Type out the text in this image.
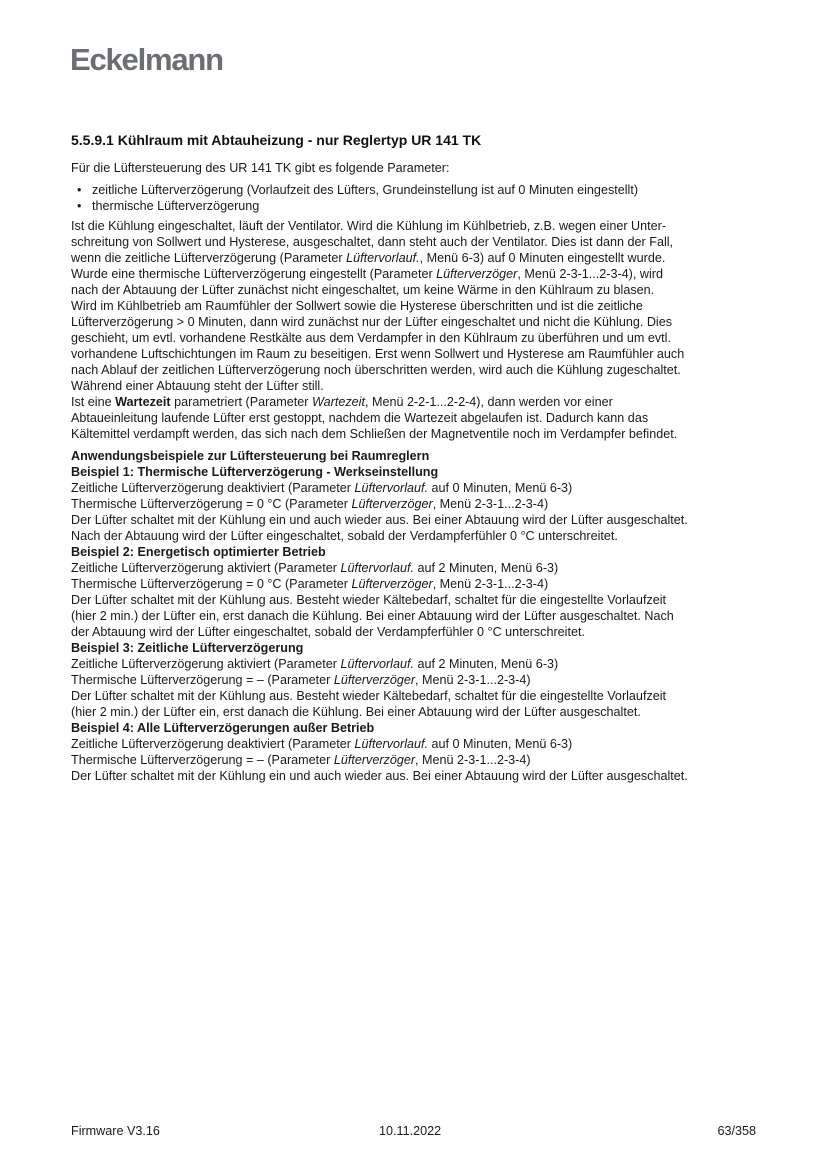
Eckelmann
5.5.9.1 Kühlraum mit Abtauheizung - nur Reglertyp UR 141 TK

Für die Lüftersteuerung des UR 141 TK gibt es folgende Parameter:

• zeitliche Lüfterverzögerung (Vorlaufzeit des Lüfters, Grundeinstellung ist auf 0 Minuten eingestellt)
• thermische Lüfterverzögerung
Ist die Kühlung eingeschaltet, läuft der Ventilator. Wird die Kühlung im Kühlbetrieb, z.B. wegen einer Unter-
schreitung von Sollwert und Hysterese, ausgeschaltet, dann steht auch der Ventilator. Dies ist dann der Fall,
wenn die zeitliche Lüfterverzögerung (Parameter Lüftervorlauf., Menü 6-3) auf 0 Minuten eingestellt wurde.
Wurde eine thermische Lüfterverzögerung eingestellt (Parameter Lüfterverzöger, Menü 2-3-1...2-3-4), wird
nach der Abtauung der Lüfter zunächst nicht eingeschaltet, um keine Wärme in den Kühlraum zu blasen.
Wird im Kühlbetrieb am Raumfühler der Sollwert sowie die Hysterese überschritten und ist die zeitliche
Lüfterverzögerung > 0 Minuten, dann wird zunächst nur der Lüfter eingeschaltet und nicht die Kühlung. Dies
geschieht, um evtl. vorhandene Restkälte aus dem Verdampfer in den Kühlraum zu überführen und um evtl.
vorhandene Luftschichtungen im Raum zu beseitigen. Erst wenn Sollwert und Hysterese am Raumfühler auch
nach Ablauf der zeitlichen Lüfterverzögerung noch überschritten werden, wird auch die Kühlung zugeschaltet.
Während einer Abtauung steht der Lüfter still.
Ist eine Wartezeit parametriert (Parameter Wartezeit, Menü 2-2-1...2-2-4), dann werden vor einer
Abtaueinleitung laufende Lüfter erst gestoppt, nachdem die Wartezeit abgelaufen ist. Dadurch kann das
Kältemittel verdampft werden, das sich nach dem Schließen der Magnetventile noch im Verdampfer befindet.
Anwendungsbeispiele zur Lüftersteuerung bei Raumreglern
Beispiel 1: Thermische Lüfterverzögerung - Werkseinstellung
Zeitliche Lüfterverzögerung deaktiviert (Parameter Lüftervorlauf. auf 0 Minuten, Menü 6-3)
Thermische Lüfterverzögerung = 0 °C (Parameter Lüfterverzöger, Menü 2-3-1...2-3-4)
Der Lüfter schaltet mit der Kühlung ein und auch wieder aus. Bei einer Abtauung wird der Lüfter ausgeschaltet.
Nach der Abtauung wird der Lüfter eingeschaltet, sobald der Verdampferfühler 0 °C unterschreitet.
Beispiel 2: Energetisch optimierter Betrieb
Zeitliche Lüfterverzögerung aktiviert (Parameter Lüftervorlauf. auf 2 Minuten, Menü 6-3)
Thermische Lüfterverzögerung = 0 °C (Parameter Lüfterverzöger, Menü 2-3-1...2-3-4)
Der Lüfter schaltet mit der Kühlung aus. Besteht wieder Kältebedarf, schaltet für die eingestellte Vorlaufzeit
(hier 2 min.) der Lüfter ein, erst danach die Kühlung. Bei einer Abtauung wird der Lüfter ausgeschaltet. Nach
der Abtauung wird der Lüfter eingeschaltet, sobald der Verdampferfühler 0 °C unterschreitet.
Beispiel 3: Zeitliche Lüfterverzögerung
Zeitliche Lüfterverzögerung aktiviert (Parameter Lüftervorlauf. auf 2 Minuten, Menü 6-3)
Thermische Lüfterverzögerung = – (Parameter Lüfterverzöger, Menü 2-3-1...2-3-4)
Der Lüfter schaltet mit der Kühlung aus. Besteht wieder Kältebedarf, schaltet für die eingestellte Vorlaufzeit
(hier 2 min.) der Lüfter ein, erst danach die Kühlung. Bei einer Abtauung wird der Lüfter ausgeschaltet.
Beispiel 4: Alle Lüfterverzögerungen außer Betrieb
Zeitliche Lüfterverzögerung deaktiviert (Parameter Lüftervorlauf. auf 0 Minuten, Menü 6-3)
Thermische Lüfterverzögerung = – (Parameter Lüfterverzöger, Menü 2-3-1...2-3-4)
Der Lüfter schaltet mit der Kühlung ein und auch wieder aus. Bei einer Abtauung wird der Lüfter ausgeschaltet.
Firmware V3.16	10.11.2022	63/358
